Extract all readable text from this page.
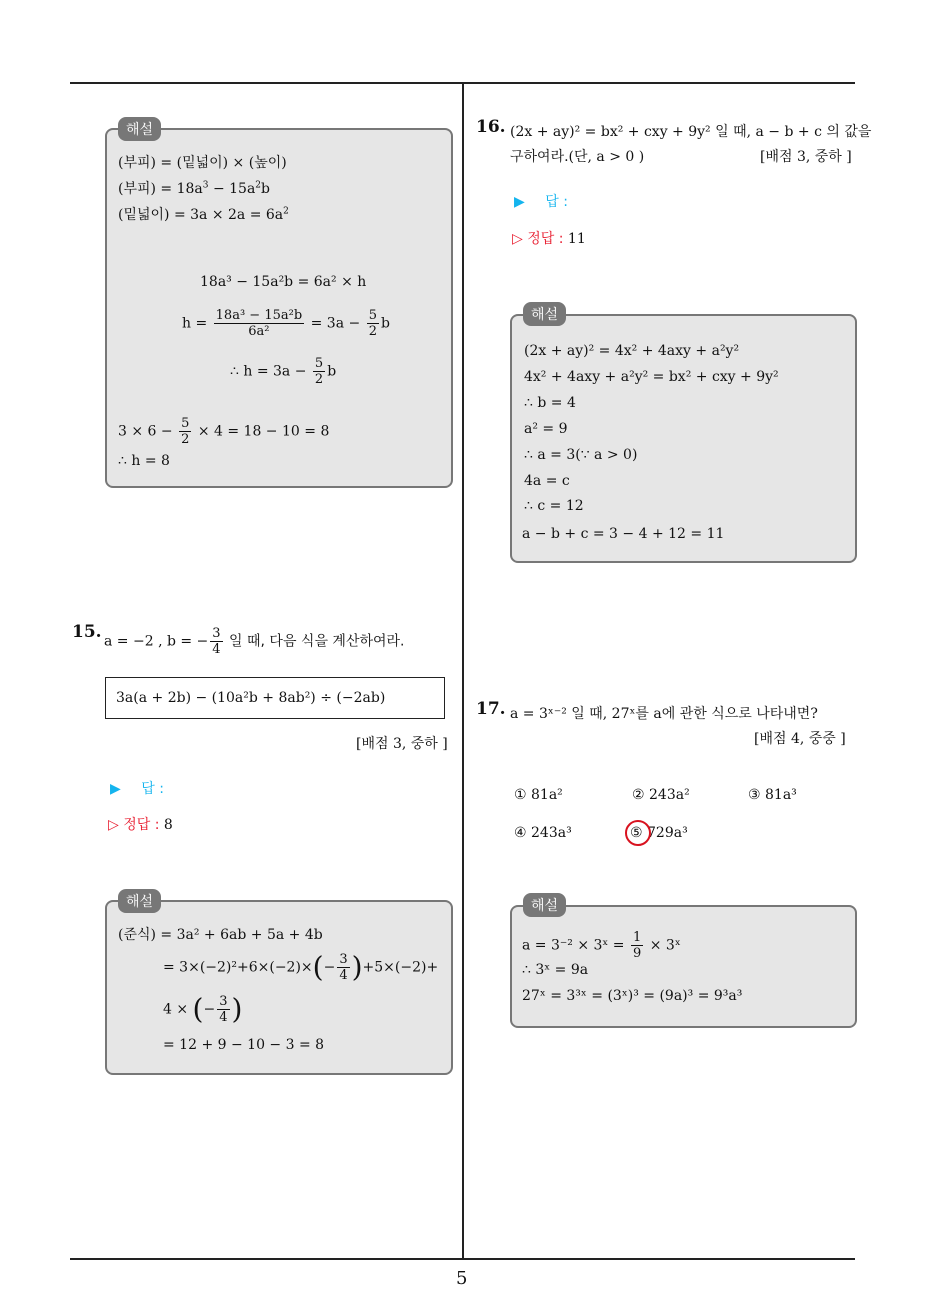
5
해설
(부피) = (밑넓이) × (높이)
(부피) = $18a^3 - 15a^2b$
(밑넓이) = $3a \times 2a = 6a^2$
18a³ − 15a²b = 6a² × h
$h = \frac{\text{18a³ − 15a²b}}{\text{6a²}} = 3a - \frac{5}{2}$ b
∴ $h = 3a - \frac{5}{2}$ b
$3 \times 6 - \frac{5}{2} \times 4 = 18 - 10 = 8$
∴ h = 8
15. a = −2 , b = − $\frac{3}{4}$ 일 때, 다음 식을 계산하여라.
3a(a + 2b) − (10a²b + 8ab²) ÷ (−2ab)
[배점 3, 중하 ]
▶ 답 :
▷ 정답 : 8
해설
(준식) = 3a² + 6ab + 5a + 4b
= $3\times(-2)^2+6\times(-2)\times(- \frac{3}{4} )+5\times(-2)+$
4 × (− $\frac{3}{4}$ )
= 12 + 9 − 10 − 3 = 8
16. (2x + ay)² = bx² + cxy + 9y² 일 때, a − b + c 의 값을
구하여라.(단, a > 0 )	[배점 3, 중하 ]
▶ 답 :
▷ 정답 : 11
해설
(2x + ay)² = 4x² + 4axy + a²y²
4x² + 4axy + a²y² = bx² + cxy + 9y²
∴ b = 4
a² = 9
∴ a = 3(∵ a > 0)
4a = c
∴ c = 12
a − b + c = 3 − 4 + 12 = 11
17. a = 3ˣ⁻² 일 때, 27ˣ를 a에 관한 식으로 나타내면?
[배점 4, 중중 ]
① 81a²	② 243a²	③ 81a³
④ 243a³	⑤ 729a³
해설
a = 3⁻² × 3ˣ = $\frac{1}{9}$ × 3ˣ
∴ 3ˣ = 9a
27ˣ = 3³ˣ = (3ˣ)³ = (9a)³ = 9³a³
